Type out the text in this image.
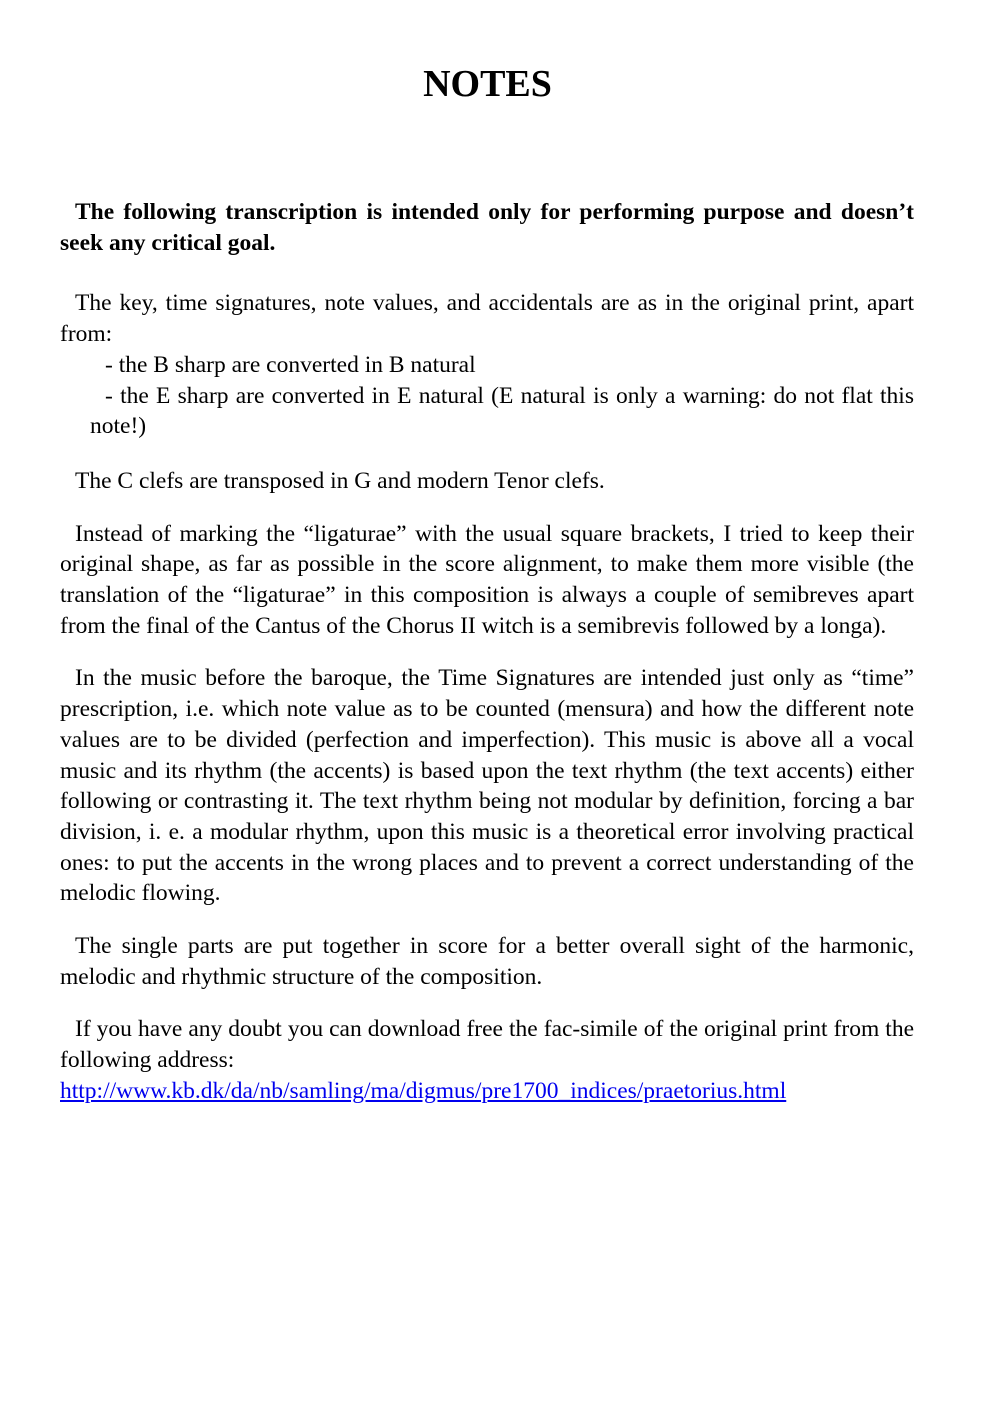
NOTES

The following transcription is intended only for performing purpose and doesn’t seek any critical goal.

The key, time signatures, note values, and accidentals are as in the original print, apart from:

- the B sharp are converted in B natural
- the E sharp are converted in E natural (E natural is only a warning: do not flat this note!)

The C clefs are transposed in G and modern Tenor clefs.

Instead of marking the “ligaturae” with the usual square brackets, I tried to keep their original shape, as far as possible in the score alignment, to make them more visible (the translation of the “ligaturae” in this composition is always a couple of semibreves apart from the final of the Cantus of the Chorus II witch is a semibrevis followed by a longa).

In the music before the baroque, the Time Signatures are intended just only as “time” prescription, i.e. which note value as to be counted (mensura) and how the different note values are to be divided (perfection and imperfection). This music is above all a vocal music and its rhythm (the accents) is based upon the text rhythm (the text accents) either following or contrasting it. The text rhythm being not modular by definition, forcing a bar division, i. e. a modular rhythm, upon this music is a theoretical error involving practical ones: to put the accents in the wrong places and to prevent a correct understanding of the melodic flowing.

The single parts are put together in score for a better overall sight of the harmonic, melodic and rhythmic structure of the composition.

If you have any doubt you can download free the fac-simile of the original print from the following address:

http://www.kb.dk/da/nb/samling/ma/digmus/pre1700_indices/praetorius.html
